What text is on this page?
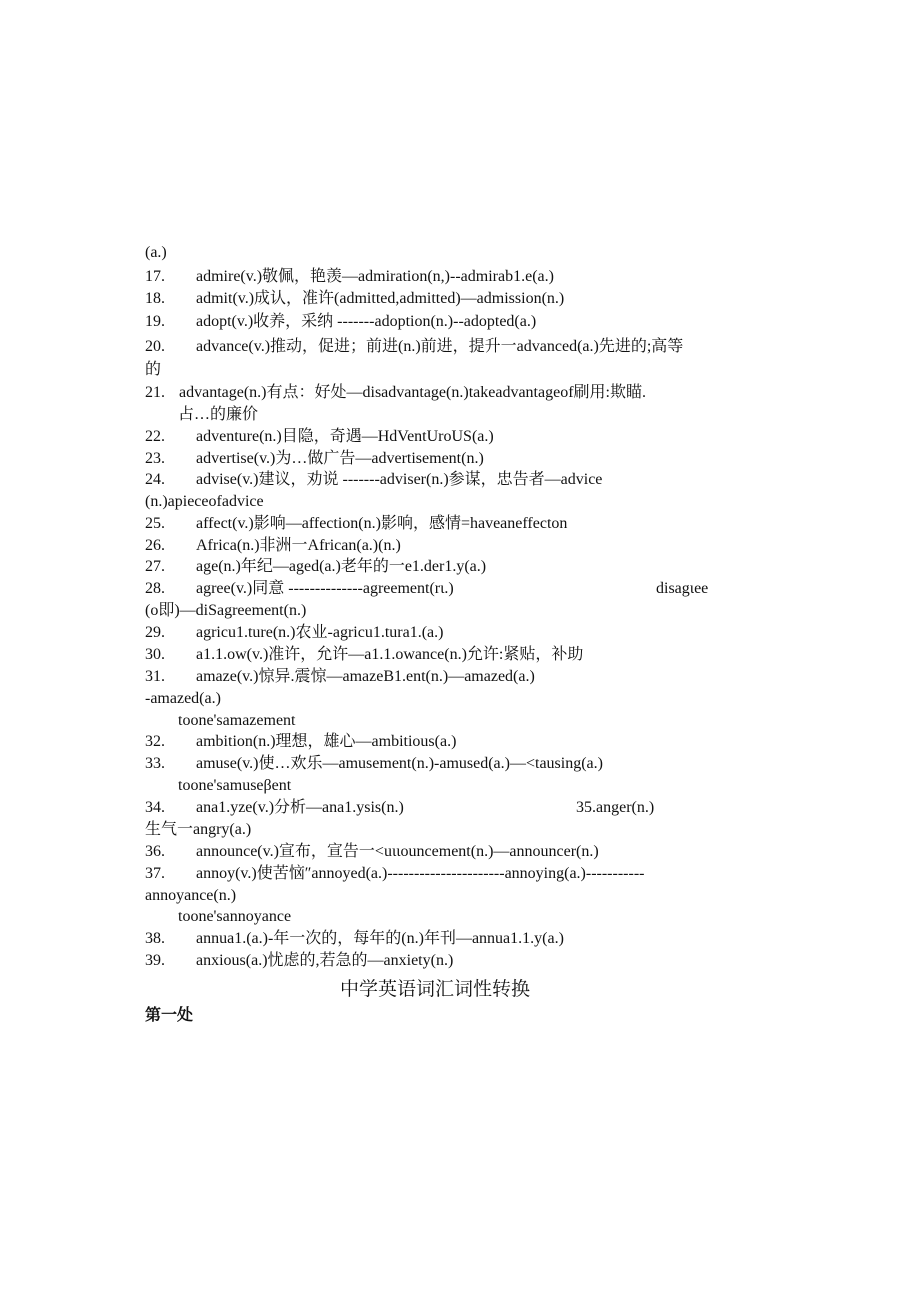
(a.)
17. admire(v.)敬佩，艳羡—admiration(n,)--admirab1.e(a.)
18. admit(v.)成认，准许(admitted,admitted)—admission(n.)
19. adopt(v.)收养，采纳 -------adoption(n.)--adopted(a.)
20. advance(v.)推动，促进；前进(n.)前进，提升一advanced(a.)先进的;高等
的
21. advantage(n.)有点：好处—disadvantage(n.)takeadvantageof刷用:欺瞄.
占…的廉价
22. adventure(n.)目隐，奇遇—HdVentUroUS(a.)
23. advertise(v.)为…做广告—advertisement(n.)
24. advise(v.)建议，劝说 -------adviser(n.)参谋，忠告者—advice
(n.)apieceofadvice
25. affect(v.)影响—affection(n.)影响，感情=haveaneffecton
26. Africa(n.)非洲一African(a.)(n.)
27. age(n.)年纪—aged(a.)老年的一e1.der1.y(a.)
28. agree(v.)同意 --------------agreement(rι.)	disagιee
(o即)—diSagreement(n.)
29. agricu1.ture(n.)农业-agricu1.tura1.(a.)
30. a1.1.ow(v.)准许，允许—a1.1.owance(n.)允许:紧贴，补助
31. amaze(v.)惊异.震惊—amazeB1.ent(n.)—amazed(a.)
-amazed(a.)
toone'samazement
32. ambition(n.)理想，雄心—ambitious(a.)
33. amuse(v.)使…欢乐—amusement(n.)-amused(a.)—<tausing(a.)
toone'samuseβent
34. ana1.yze(v.)分析—ana1.ysis(n.)	35.anger(n.)
生气一angry(a.)
36. announce(v.)宣布，宣告一<uιιouncement(n.)—announcer(n.)
37. annoy(v.)使苦恼″annoyed(a.)----------------------annoying(a.)-----------
annoyance(n.)
toone'sannoyance
38. annua1.(a.)-年一次的，每年的(n.)年刊—annua1.1.y(a.)
39. anxious(a.)忧虑的,若急的—anxiety(n.)
中学英语词汇词性转换
第一处
